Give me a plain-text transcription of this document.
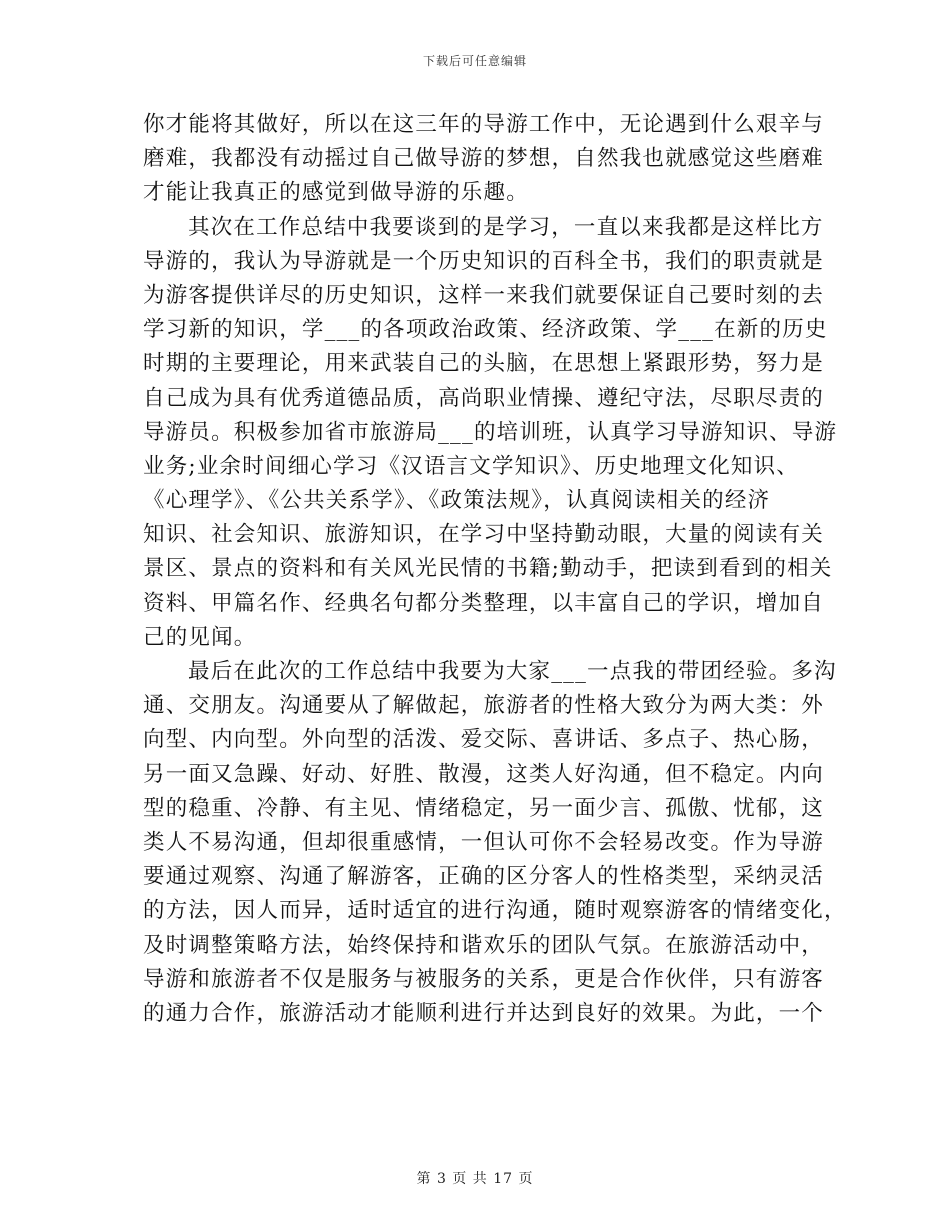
下载后可任意编辑
你才能将其做好，所以在这三年的导游工作中，无论遇到什么艰辛与
磨难，我都没有动摇过自己做导游的梦想，自然我也就感觉这些磨难
才能让我真正的感觉到做导游的乐趣。
其次在工作总结中我要谈到的是学习，一直以来我都是这样比方
导游的，我认为导游就是一个历史知识的百科全书，我们的职责就是
为游客提供详尽的历史知识，这样一来我们就要保证自己要时刻的去
学习新的知识，学___的各项政治政策、经济政策、学___在新的历史
时期的主要理论，用来武装自己的头脑，在思想上紧跟形势，努力是
自己成为具有优秀道德品质，高尚职业情操、遵纪守法，尽职尽责的
导游员。积极参加省市旅游局___的培训班，认真学习导游知识、导游
业务;业余时间细心学习《汉语言文学知识》、历史地理文化知识、
《心理学》、《公共关系学》、《政策法规》，认真阅读相关的经济
知识、社会知识、旅游知识，在学习中坚持勤动眼，大量的阅读有关
景区、景点的资料和有关风光民情的书籍;勤动手，把读到看到的相关
资料、甲篇名作、经典名句都分类整理，以丰富自己的学识，增加自
己的见闻。
最后在此次的工作总结中我要为大家___一点我的带团经验。多沟
通、交朋友。沟通要从了解做起，旅游者的性格大致分为两大类：外
向型、内向型。外向型的活泼、爱交际、喜讲话、多点子、热心肠，
另一面又急躁、好动、好胜、散漫，这类人好沟通，但不稳定。内向
型的稳重、冷静、有主见、情绪稳定，另一面少言、孤傲、忧郁，这
类人不易沟通，但却很重感情，一但认可你不会轻易改变。作为导游
要通过观察、沟通了解游客，正确的区分客人的性格类型，采纳灵活
的方法，因人而异，适时适宜的进行沟通，随时观察游客的情绪变化，
及时调整策略方法，始终保持和谐欢乐的团队气氛。在旅游活动中，
导游和旅游者不仅是服务与被服务的关系，更是合作伙伴，只有游客
的通力合作，旅游活动才能顺利进行并达到良好的效果。为此，一个
第 3 页 共 17 页
